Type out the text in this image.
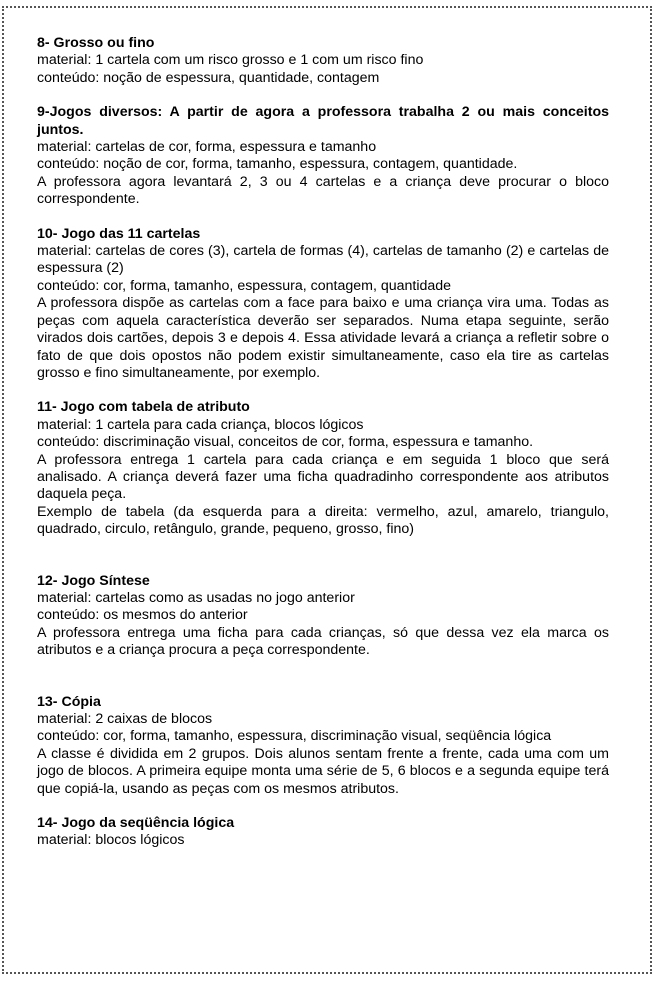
8- Grosso ou fino

material: 1 cartela com um risco grosso e 1 com um risco fino

conteúdo: noção de espessura, quantidade, contagem

9-Jogos diversos: A partir de agora a professora trabalha 2 ou mais conceitos juntos.

material: cartelas de cor, forma, espessura e tamanho

conteúdo: noção de cor, forma, tamanho, espessura, contagem, quantidade.

A professora agora levantará 2, 3 ou 4 cartelas e a criança deve procurar o bloco correspondente.

10- Jogo das 11 cartelas

material: cartelas de cores (3), cartela de formas (4), cartelas de tamanho (2) e cartelas de espessura (2)

conteúdo: cor, forma, tamanho, espessura, contagem, quantidade

A professora dispõe as cartelas com a face para baixo e uma criança vira uma. Todas as peças com aquela característica deverão ser separados. Numa etapa seguinte, serão virados dois cartões, depois 3 e depois 4. Essa atividade levará a criança a refletir sobre o fato de que dois opostos não podem existir simultaneamente, caso ela tire as cartelas grosso e fino simultaneamente, por exemplo.

11- Jogo com tabela de atributo

material: 1 cartela para cada criança, blocos lógicos

conteúdo: discriminação visual, conceitos de cor, forma, espessura e tamanho.

A professora entrega 1 cartela para cada criança e em seguida 1 bloco que será analisado. A criança deverá fazer uma ficha quadradinho correspondente aos atributos daquela peça.

Exemplo de tabela (da esquerda para a direita: vermelho, azul, amarelo, triangulo, quadrado, circulo, retângulo, grande, pequeno, grosso, fino)

12- Jogo Síntese

material: cartelas como as usadas no jogo anterior

conteúdo: os mesmos do anterior

A professora entrega uma ficha para cada crianças, só que dessa vez ela marca os atributos e a criança procura a peça correspondente.

13- Cópia

material: 2 caixas de blocos

conteúdo: cor, forma, tamanho, espessura, discriminação visual, seqüência lógica

A classe é dividida em 2 grupos. Dois alunos sentam frente a frente, cada uma com um jogo de blocos. A primeira equipe monta uma série de 5, 6 blocos e a segunda equipe terá que copiá-la, usando as peças com os mesmos atributos.

14- Jogo da seqüência lógica

material: blocos lógicos
